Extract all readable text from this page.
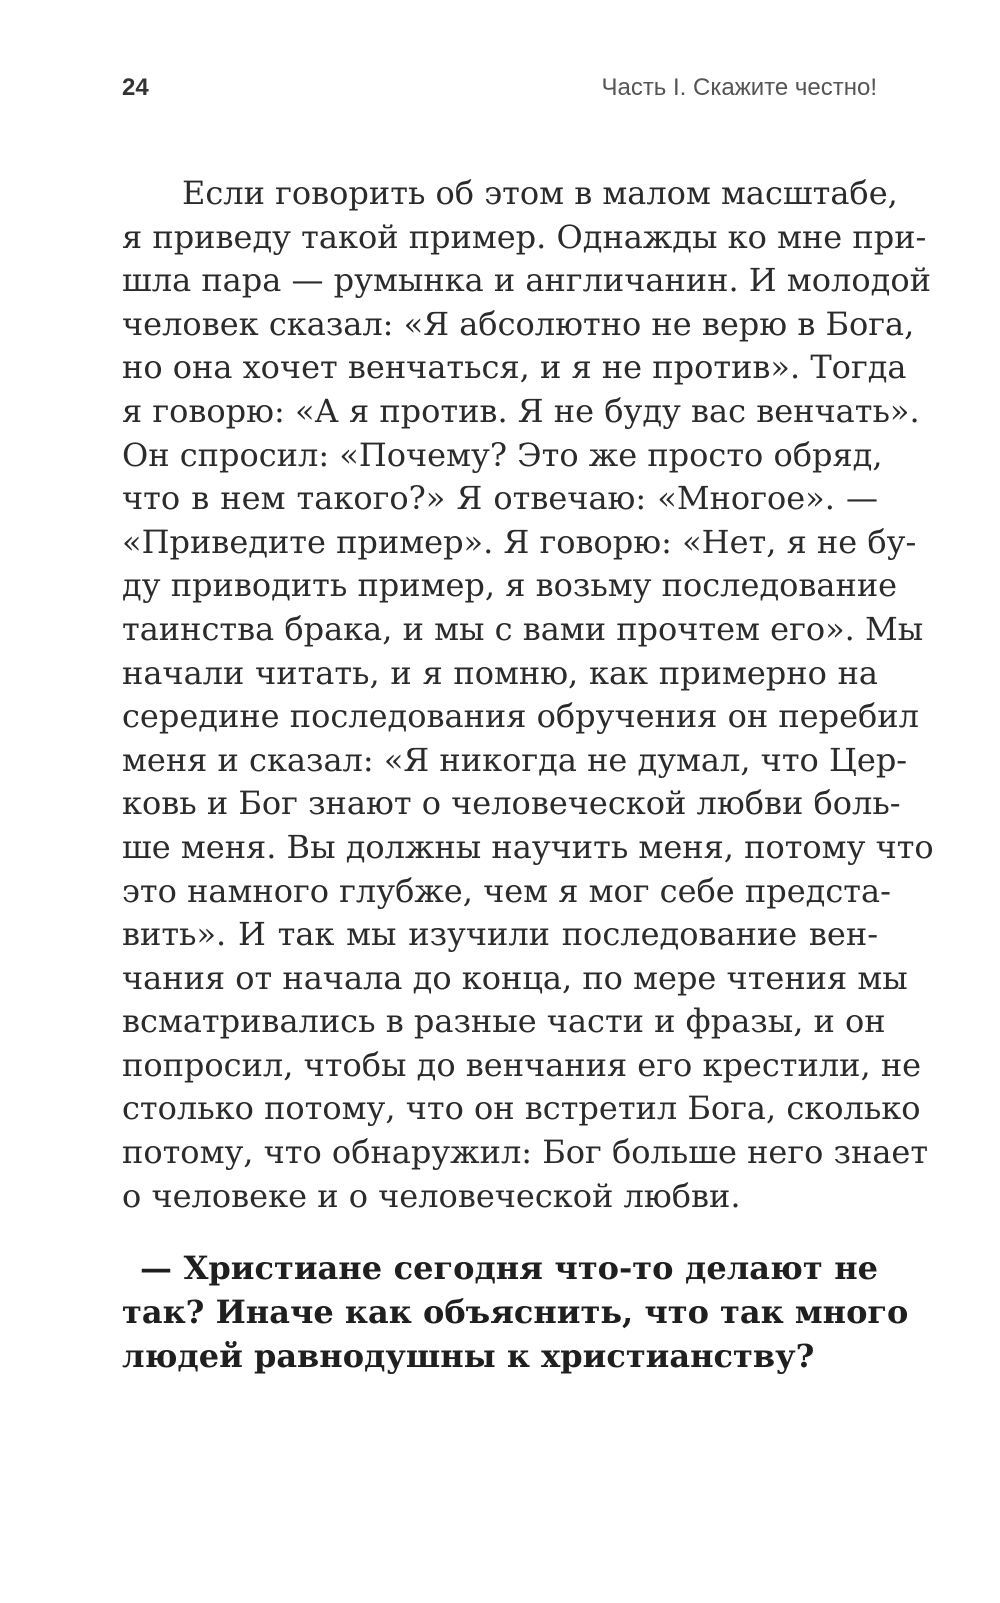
24	Часть I. Скажите честно!
Если говорить об этом в малом масштабе,
я приведу такой пример. Однажды ко мне при-
шла пара — румынка и англичанин. И молодой
человек сказал: «Я абсолютно не верю в Бога,
но она хочет венчаться, и я не против». Тогда
я говорю: «А я против. Я не буду вас венчать».
Он спросил: «Почему? Это же просто обряд,
что в нем такого?» Я отвечаю: «Многое». —
«Приведите пример». Я говорю: «Нет, я не бу-
ду приводить пример, я возьму последование
таинства брака, и мы с вами прочтем его». Мы
начали читать, и я помню, как примерно на
середине последования обручения он перебил
меня и сказал: «Я никогда не думал, что Цер-
ковь и Бог знают о человеческой любви боль-
ше меня. Вы должны научить меня, потому что
это намного глубже, чем я мог себе предста-
вить». И так мы изучили последование вен-
чания от начала до конца, по мере чтения мы
всматривались в разные части и фразы, и он
попросил, чтобы до венчания его крестили, не
столько потому, что он встретил Бога, сколько
потому, что обнаружил: Бог больше него знает
о человеке и о человеческой любви.
— Христиане сегодня что-то делают не
так? Иначе как объяснить, что так много
людей равнодушны к христианству?
